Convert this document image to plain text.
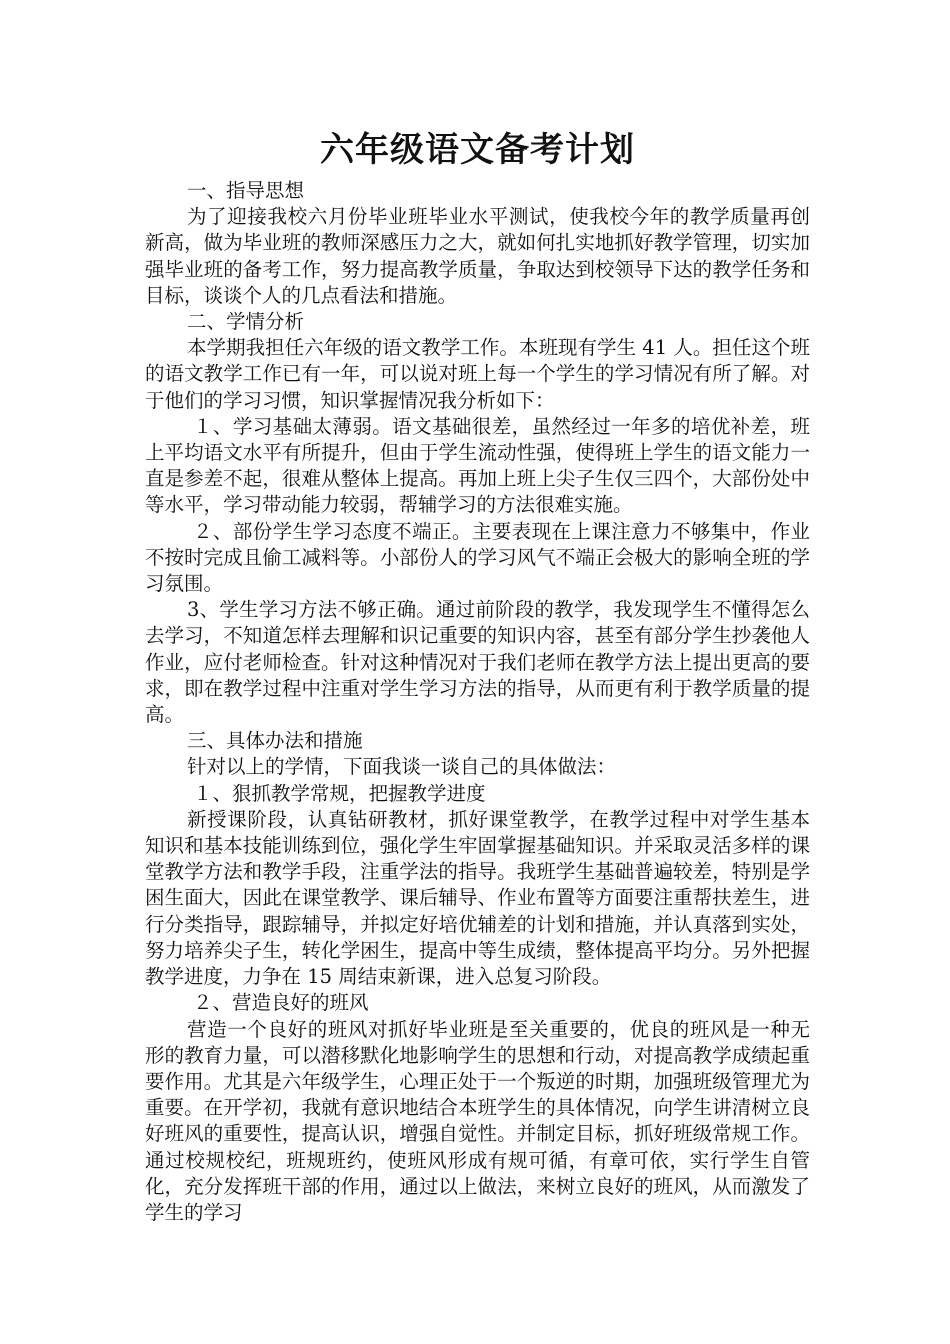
六年级语文备考计划

一、指导思想

为了迎接我校六月份毕业班毕业水平测试，使我校今年的教学质量再创新高，做为毕业班的教师深感压力之大，就如何扎实地抓好教学管理，切实加强毕业班的备考工作，努力提高教学质量，争取达到校领导下达的教学任务和目标，谈谈个人的几点看法和措施。

二、学情分析

本学期我担任六年级的语文教学工作。本班现有学生 41 人。担任这个班的语文教学工作已有一年，可以说对班上每一个学生的学习情况有所了解。对于他们的学习习惯，知识掌握情况我分析如下：

１、学习基础太薄弱。语文基础很差，虽然经过一年多的培优补差，班上平均语文水平有所提升，但由于学生流动性强，使得班上学生的语文能力一直是参差不起，很难从整体上提高。再加上班上尖子生仅三四个，大部份处中等水平，学习带动能力较弱，帮辅学习的方法很难实施。

２、部份学生学习态度不端正。主要表现在上课注意力不够集中，作业不按时完成且偷工减料等。小部份人的学习风气不端正会极大的影响全班的学习氛围。

3、学生学习方法不够正确。通过前阶段的教学，我发现学生不懂得怎么去学习，不知道怎样去理解和识记重要的知识内容，甚至有部分学生抄袭他人作业，应付老师检查。针对这种情况对于我们老师在教学方法上提出更高的要求，即在教学过程中注重对学生学习方法的指导，从而更有利于教学质量的提高。

三、具体办法和措施

针对以上的学情，下面我谈一谈自己的具体做法：

１、狠抓教学常规，把握教学进度

新授课阶段，认真钻研教材，抓好课堂教学，在教学过程中对学生基本知识和基本技能训练到位，强化学生牢固掌握基础知识。并采取灵活多样的课堂教学方法和教学手段，注重学法的指导。我班学生基础普遍较差，特别是学困生面大，因此在课堂教学、课后辅导、作业布置等方面要注重帮扶差生，进行分类指导，跟踪辅导，并拟定好培优辅差的计划和措施，并认真落到实处，努力培养尖子生，转化学困生，提高中等生成绩，整体提高平均分。另外把握教学进度，力争在 15 周结束新课，进入总复习阶段。

２、营造良好的班风

营造一个良好的班风对抓好毕业班是至关重要的，优良的班风是一种无形的教育力量，可以潜移默化地影响学生的思想和行动，对提高教学成绩起重要作用。尤其是六年级学生，心理正处于一个叛逆的时期，加强班级管理尤为重要。在开学初，我就有意识地结合本班学生的具体情况，向学生讲清树立良好班风的重要性，提高认识，增强自觉性。并制定目标，抓好班级常规工作。通过校规校纪，班规班约，使班风形成有规可循，有章可依，实行学生自管化，充分发挥班干部的作用，通过以上做法，来树立良好的班风，从而激发了学生的学习
